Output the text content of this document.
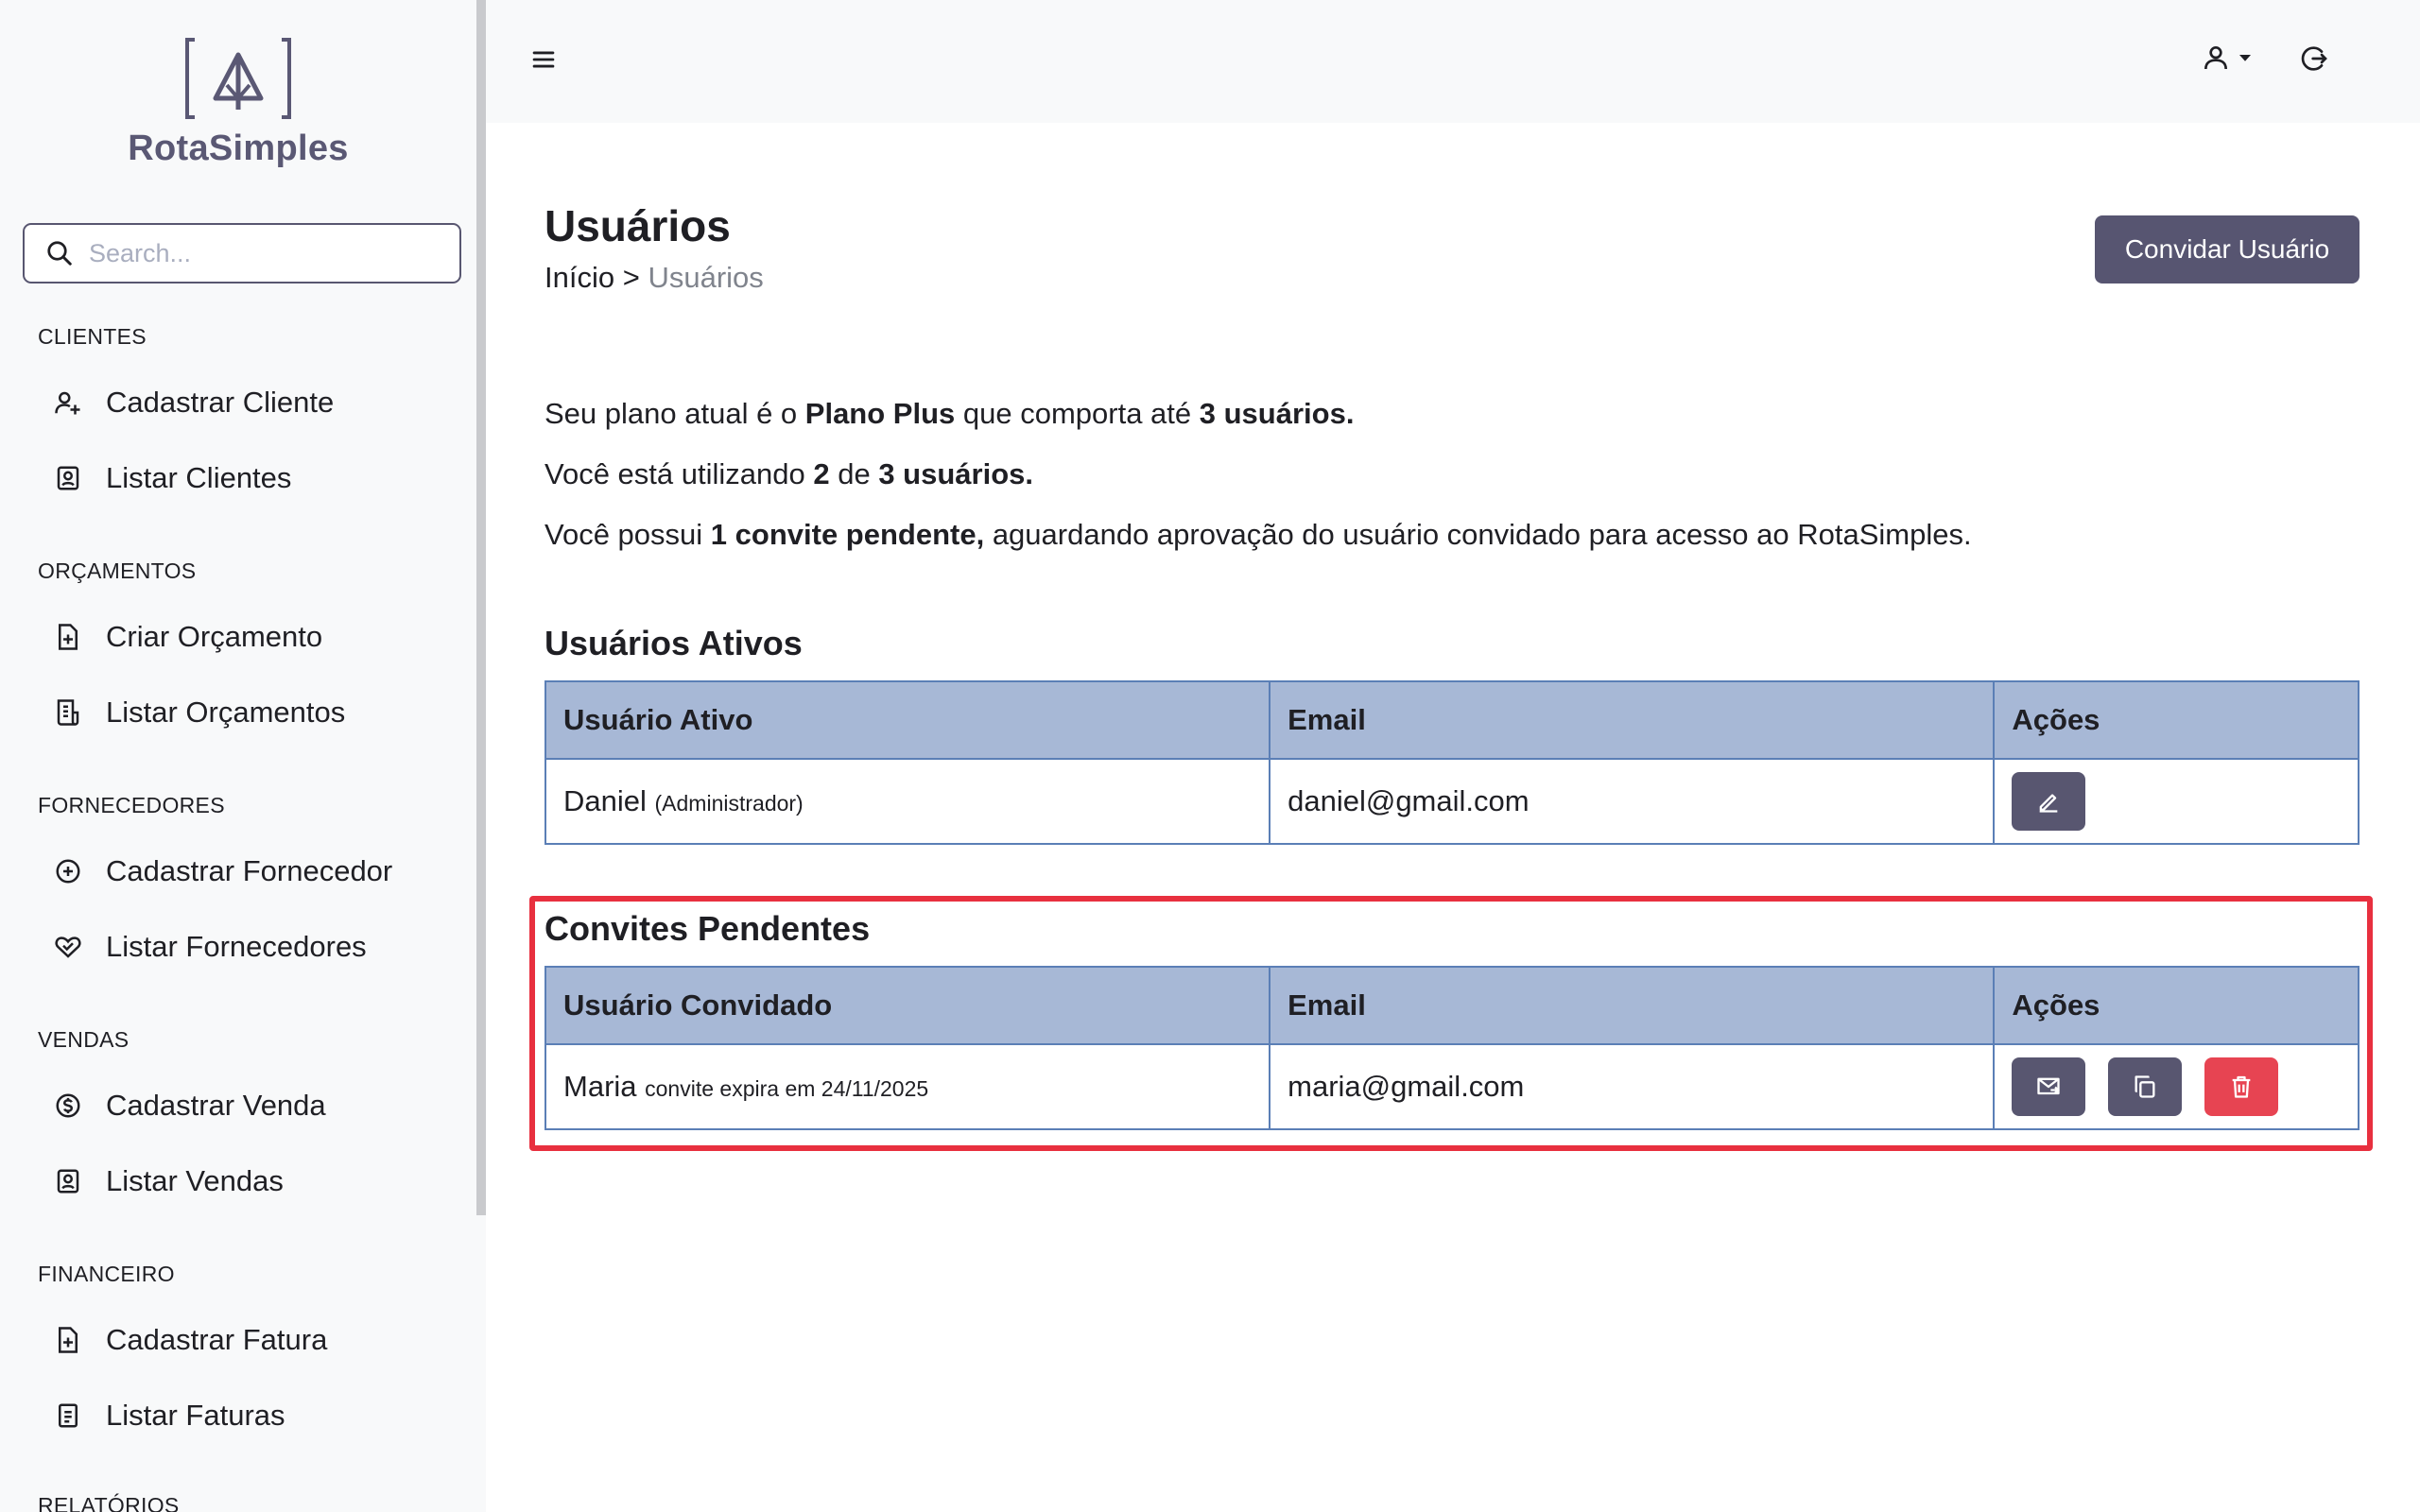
RotaSimples
Search...
CLIENTES
Cadastrar Cliente
Listar Clientes
ORÇAMENTOS
Criar Orçamento
Listar Orçamentos
FORNECEDORES
Cadastrar Fornecedor
Listar Fornecedores
VENDAS
Cadastrar Venda
Listar Vendas
FINANCEIRO
Cadastrar Fatura
Listar Faturas
RELATÓRIOS
Usuários
Início > Usuários
Convidar Usuário

Seu plano atual é o Plano Plus que comporta até 3 usuários.

Você está utilizando 2 de 3 usuários.

Você possui 1 convite pendente, aguardando aprovação do usuário convidado para acesso ao RotaSimples.

Usuários Ativos
Usuário Ativo	Email	Ações
Daniel (Administrador)	daniel@gmail.com	
Convites Pendentes
Usuário Convidado	Email	Ações
Maria convite expira em 24/11/2025	maria@gmail.com	
